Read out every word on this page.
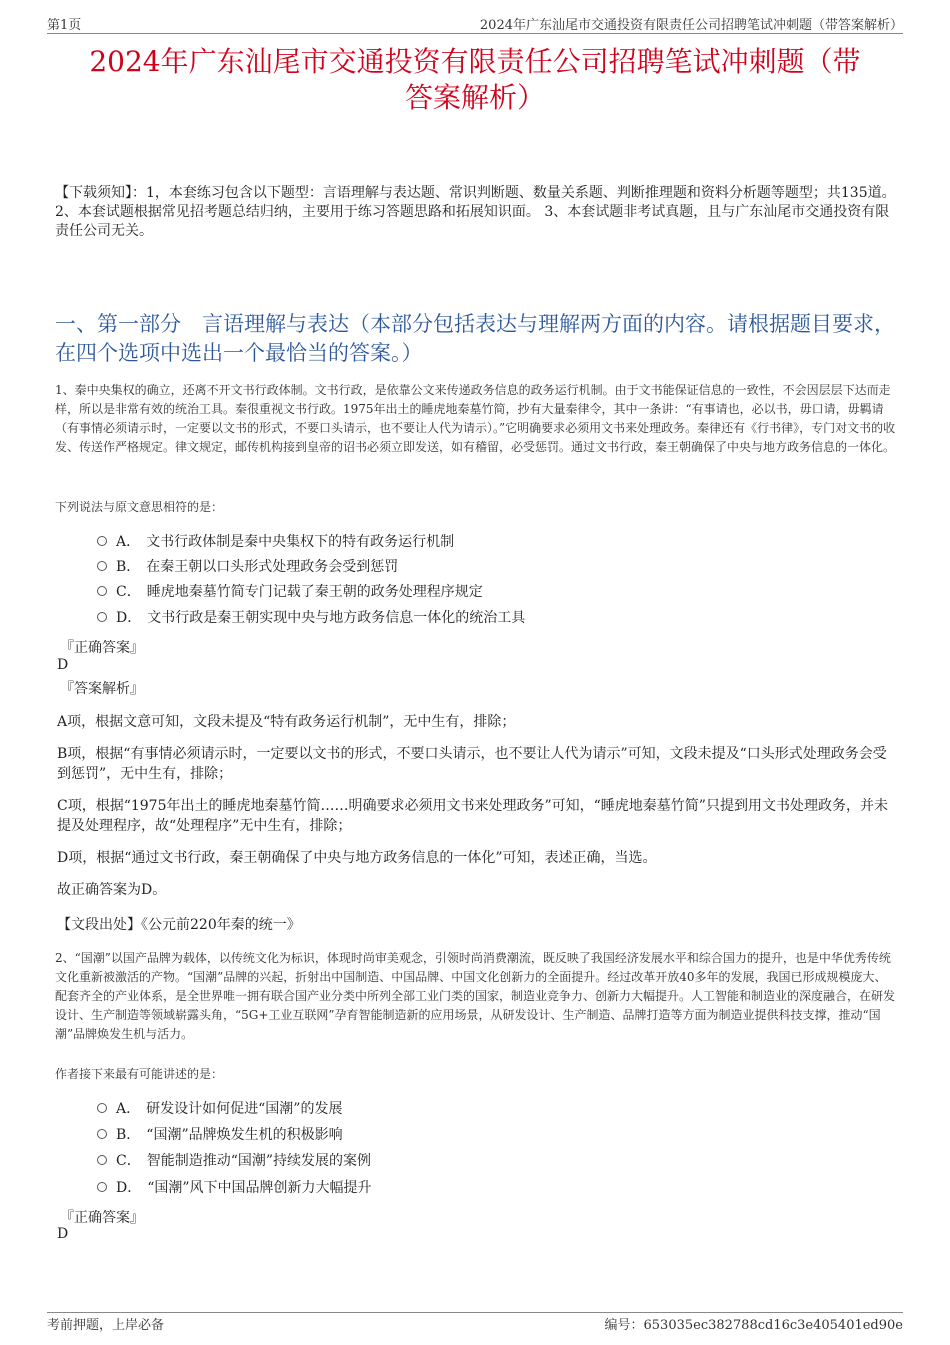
第1页	2024年广东汕尾市交通投资有限责任公司招聘笔试冲刺题（带答案解析）
2024年广东汕尾市交通投资有限责任公司招聘笔试冲刺题（带
答案解析）
【下载须知】：1，本套练习包含以下题型：言语理解与表达题、常识判断题、数量关系题、判断推理题和资料分析题等题型；共135道。 2、本套试题根据常见招考题总结归纳，主要用于练习答题思路和拓展知识面。 3、本套试题非考试真题，且与广东汕尾市交通投资有限责任公司无关。
一、第一部分　言语理解与表达（本部分包括表达与理解两方面的内容。请根据题目要求，在四个选项中选出一个最恰当的答案。）
1、秦中央集权的确立，还离不开文书行政体制。文书行政，是依靠公文来传递政务信息的政务运行机制。由于文书能保证信息的一致性，不会因层层下达而走样，所以是非常有效的统治工具。秦很重视文书行政。1975年出土的睡虎地秦墓竹简，抄有大量秦律令，其中一条讲：“有事请也，必以书，毋口请，毋羁请（有事情必须请示时，一定要以文书的形式，不要口头请示，也不要让人代为请示）。”它明确要求必须用文书来处理政务。秦律还有《行书律》，专门对文书的收发、传送作严格规定。律文规定，邮传机构接到皇帝的诏书必须立即发送，如有稽留，必受惩罚。通过文书行政，秦王朝确保了中央与地方政务信息的一体化。
下列说法与原文意思相符的是：
A． 文书行政体制是秦中央集权下的特有政务运行机制
B． 在秦王朝以口头形式处理政务会受到惩罚
C． 睡虎地秦墓竹简专门记载了秦王朝的政务处理程序规定
D． 文书行政是秦王朝实现中央与地方政务信息一体化的统治工具
『正确答案』
D
『答案解析』
A项，根据文意可知，文段未提及“特有政务运行机制”，无中生有，排除；
B项，根据“有事情必须请示时，一定要以文书的形式，不要口头请示，也不要让人代为请示”可知，文段未提及“口头形式处理政务会受到惩罚”，无中生有，排除；
C项，根据“1975年出土的睡虎地秦墓竹简……明确要求必须用文书来处理政务”可知，“睡虎地秦墓竹简”只提到用文书处理政务，并未提及处理程序，故“处理程序”无中生有，排除；
D项，根据“通过文书行政，秦王朝确保了中央与地方政务信息的一体化”可知，表述正确，当选。
故正确答案为D。
【文段出处】《公元前220年秦的统一》
2、“国潮”以国产品牌为载体，以传统文化为标识，体现时尚审美观念，引领时尚消费潮流，既反映了我国经济发展水平和综合国力的提升，也是中华优秀传统文化重新被激活的产物。“国潮”品牌的兴起，折射出中国制造、中国品牌、中国文化创新力的全面提升。经过改革开放40多年的发展，我国已形成规模庞大、配套齐全的产业体系，是全世界唯一拥有联合国产业分类中所列全部工业门类的国家，制造业竞争力、创新力大幅提升。人工智能和制造业的深度融合，在研发设计、生产制造等领域崭露头角，“5G+工业互联网”孕育智能制造新的应用场景，从研发设计、生产制造、品牌打造等方面为制造业提供科技支撑，推动“国潮”品牌焕发生机与活力。
作者接下来最有可能讲述的是：
A． 研发设计如何促进“国潮”的发展
B． “国潮”品牌焕发生机的积极影响
C． 智能制造推动“国潮”持续发展的案例
D． “国潮”风下中国品牌创新力大幅提升
『正确答案』
D
考前押题，上岸必备	编号：653035ec382788cd16c3e405401ed90e
